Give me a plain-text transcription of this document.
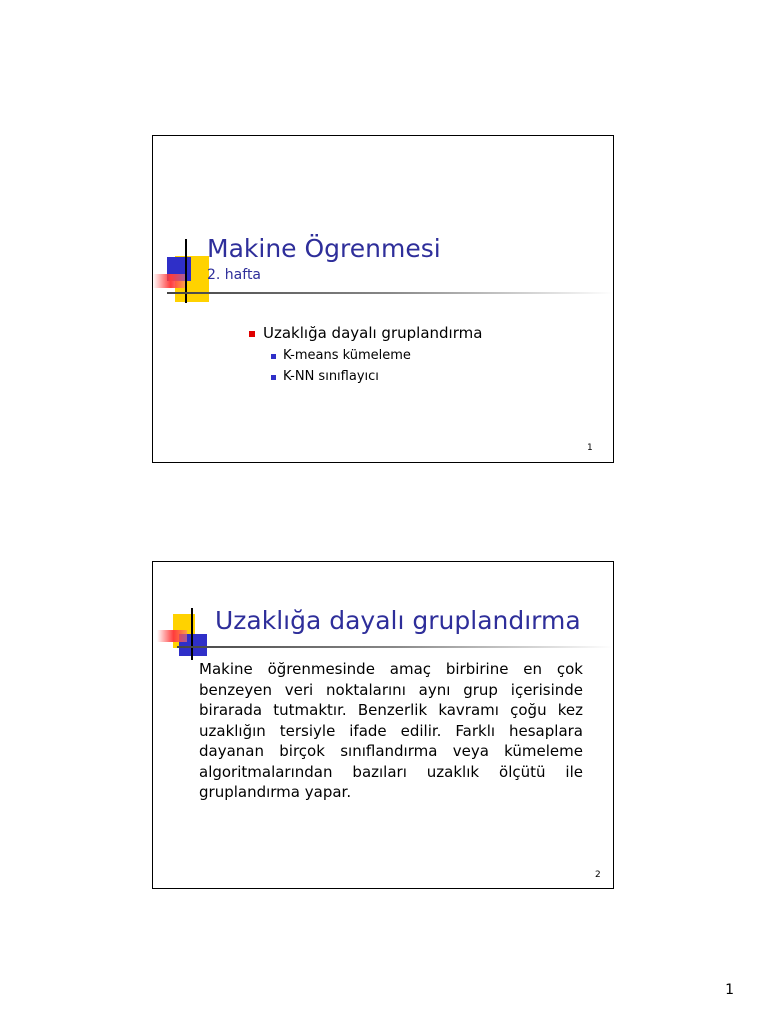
Makine Ögrenmesi
2. hafta
Uzaklığa dayalı gruplandırma
K-means kümeleme
K-NN sınıflayıcı
1
Uzaklığa dayalı gruplandırma
Makine öğrenmesinde amaç birbirine en çok benzeyen veri noktalarını aynı grup içerisinde birarada tutmaktır. Benzerlik kavramı çoğu kez uzaklığın tersiyle ifade edilir. Farklı hesaplara dayanan birçok sınıflandırma veya kümeleme algoritmalarından bazıları uzaklık ölçütü ile gruplandırma yapar.
2
1
